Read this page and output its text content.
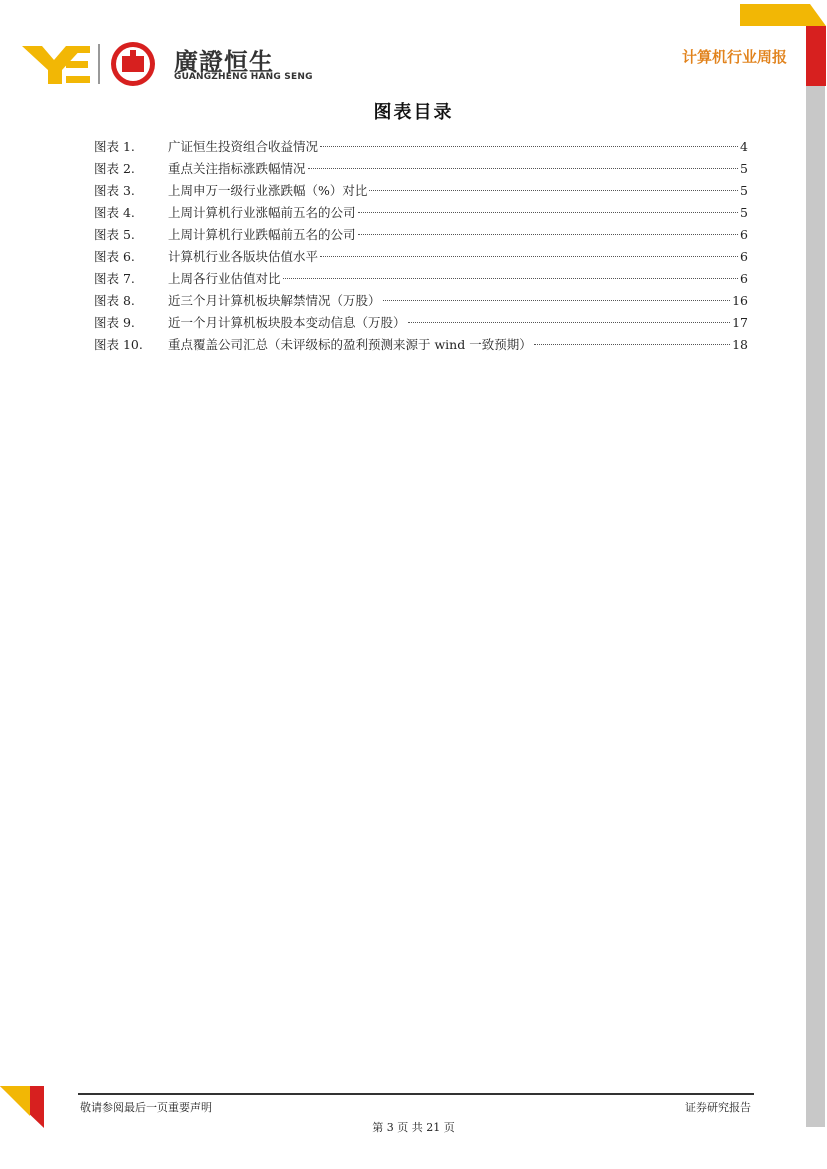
廣證恒生
GUANGZHENG HANG SENG
计算机行业周报
图表目录
图表 1.	广证恒生投资组合收益情况	4
图表 2.	重点关注指标涨跌幅情况	5
图表 3.	上周申万一级行业涨跌幅（%）对比	5
图表 4.	上周计算机行业涨幅前五名的公司	5
图表 5.	上周计算机行业跌幅前五名的公司	6
图表 6.	计算机行业各版块估值水平	6
图表 7.	上周各行业估值对比	6
图表 8.	近三个月计算机板块解禁情况（万股）	16
图表 9.	近一个月计算机板块股本变动信息（万股）	17
图表 10.	重点覆盖公司汇总（未评级标的盈利预测来源于 wind 一致预期）	18
敬请参阅最后一页重要声明	证券研究报告
第 3 页 共 21 页
